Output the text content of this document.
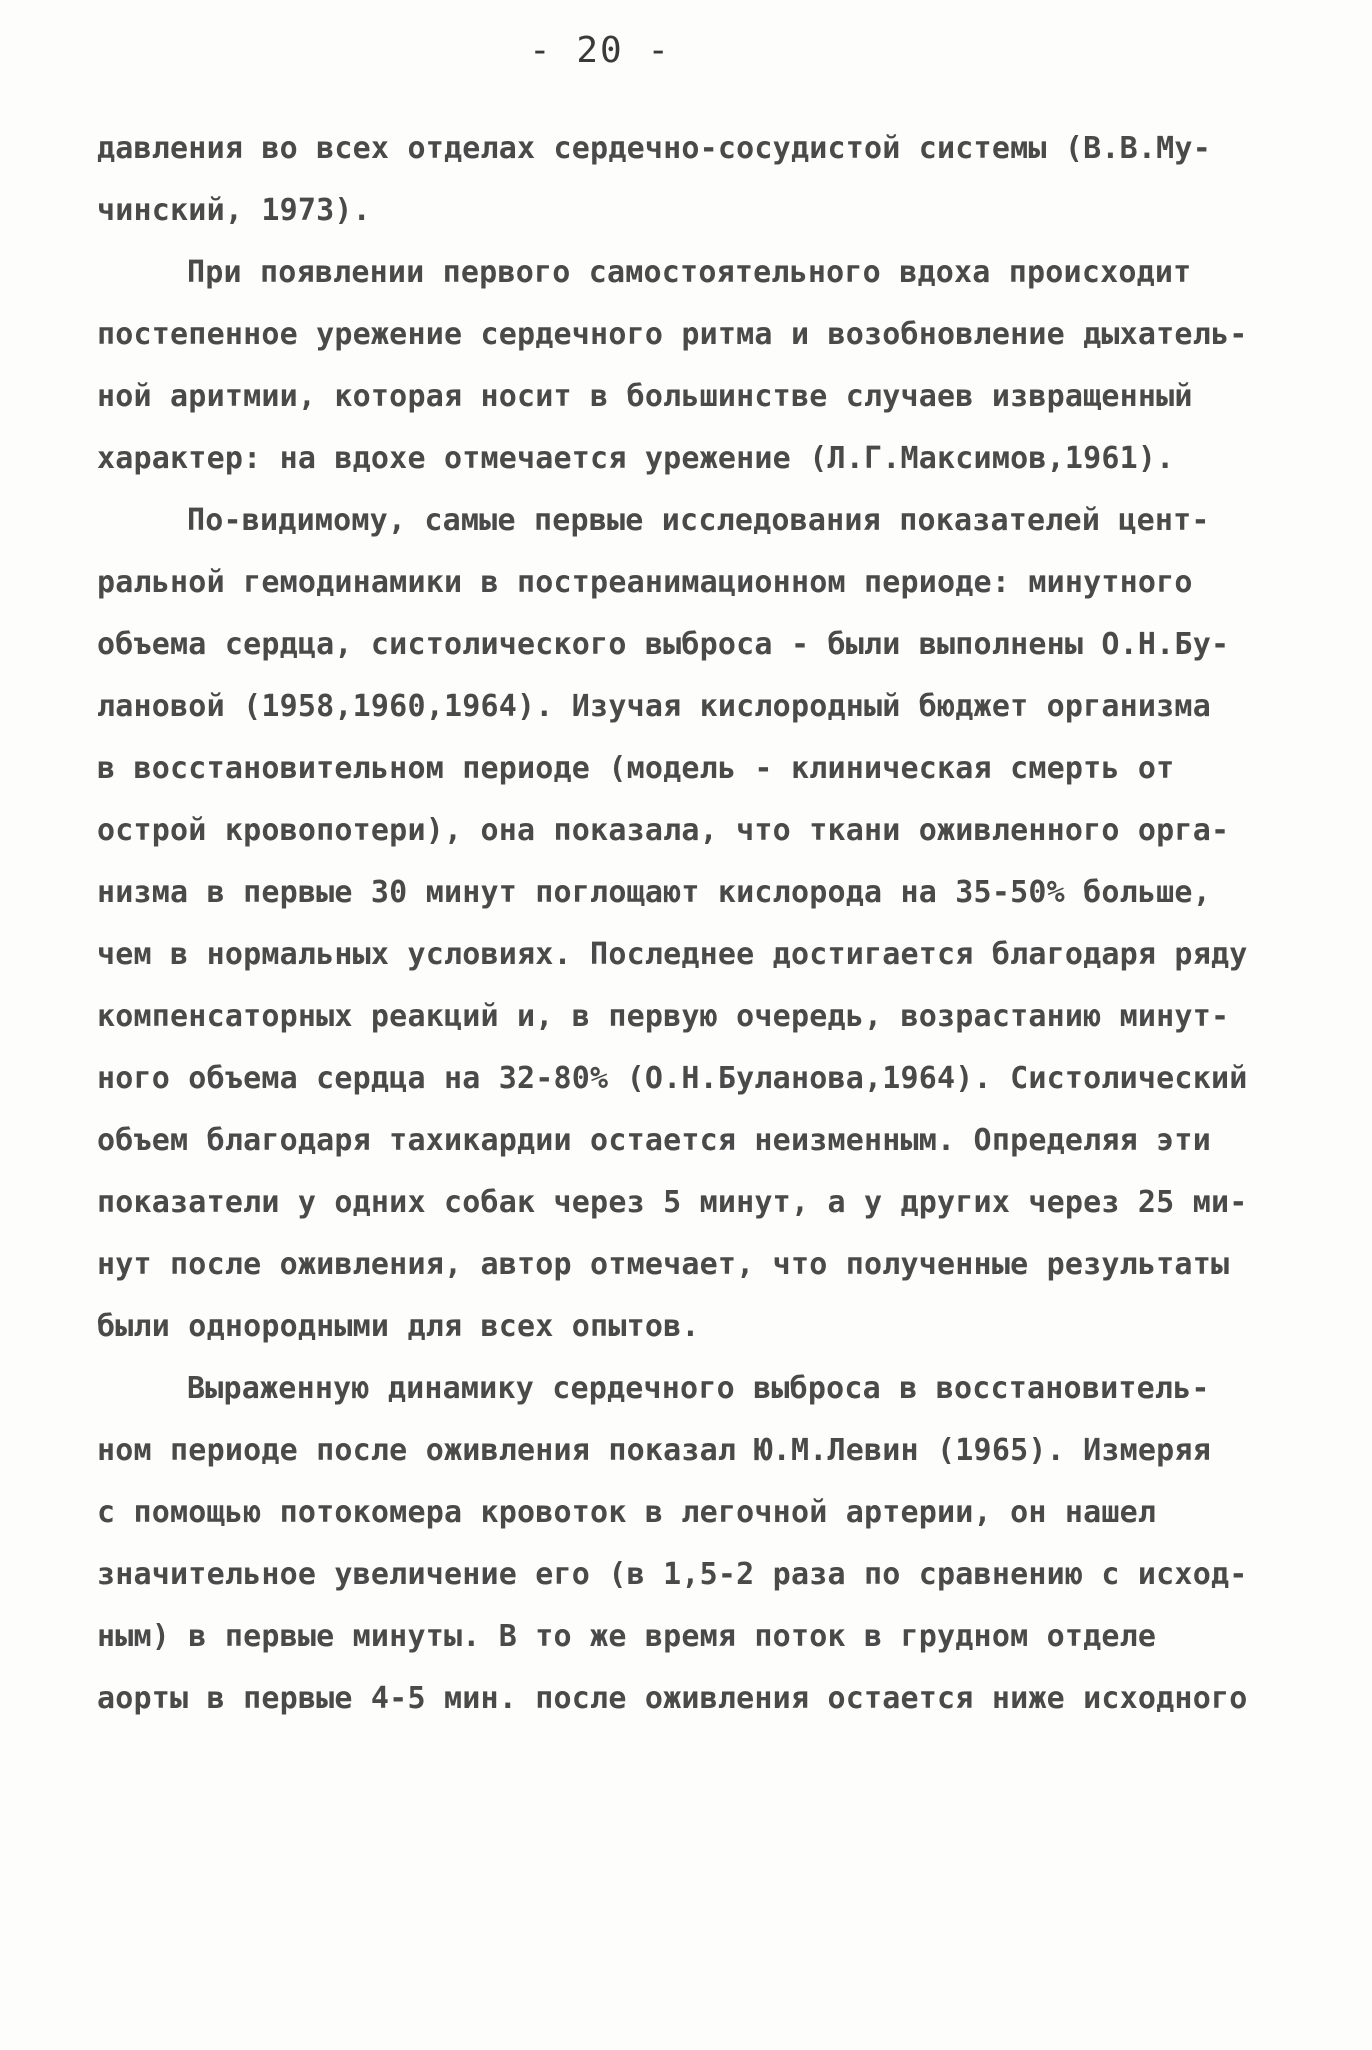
- 20 -
давления во всех отделах сердечно-сосудистой системы (В.В.Му-
чинский, 1973).
При появлении первого самостоятельного вдоха происходит
постепенное урежение сердечного ритма и возобновление дыхатель-
ной аритмии, которая носит в большинстве случаев извращенный
характер: на вдохе отмечается урежение (Л.Г.Максимов,1961).
По-видимому, самые первые исследования показателей цент-
ральной гемодинамики в постреанимационном периоде: минутного
объема сердца, систолического выброса - были выполнены О.Н.Бу-
лановой (1958,1960,1964). Изучая кислородный бюджет организма
в восстановительном периоде (модель - клиническая смерть от
острой кровопотери), она показала, что ткани оживленного орга-
низма в первые 30 минут поглощают кислорода на 35-50% больше,
чем в нормальных условиях. Последнее достигается благодаря ряду
компенсаторных реакций и, в первую очередь, возрастанию минут-
ного объема сердца на 32-80% (О.Н.Буланова,1964). Систолический
объем благодаря тахикардии остается неизменным. Определяя эти
показатели у одних собак через 5 минут, а у других через 25 ми-
нут после оживления, автор отмечает, что полученные результаты
были однородными для всех опытов.
Выраженную динамику сердечного выброса в восстановитель-
ном периоде после оживления показал Ю.М.Левин (1965). Измеряя
с помощью потокомера кровоток в легочной артерии, он нашел
значительное увеличение его (в 1,5-2 раза по сравнению с исход-
ным) в первые минуты. В то же время поток в грудном отделе
аорты в первые 4-5 мин. после оживления остается ниже исходного
